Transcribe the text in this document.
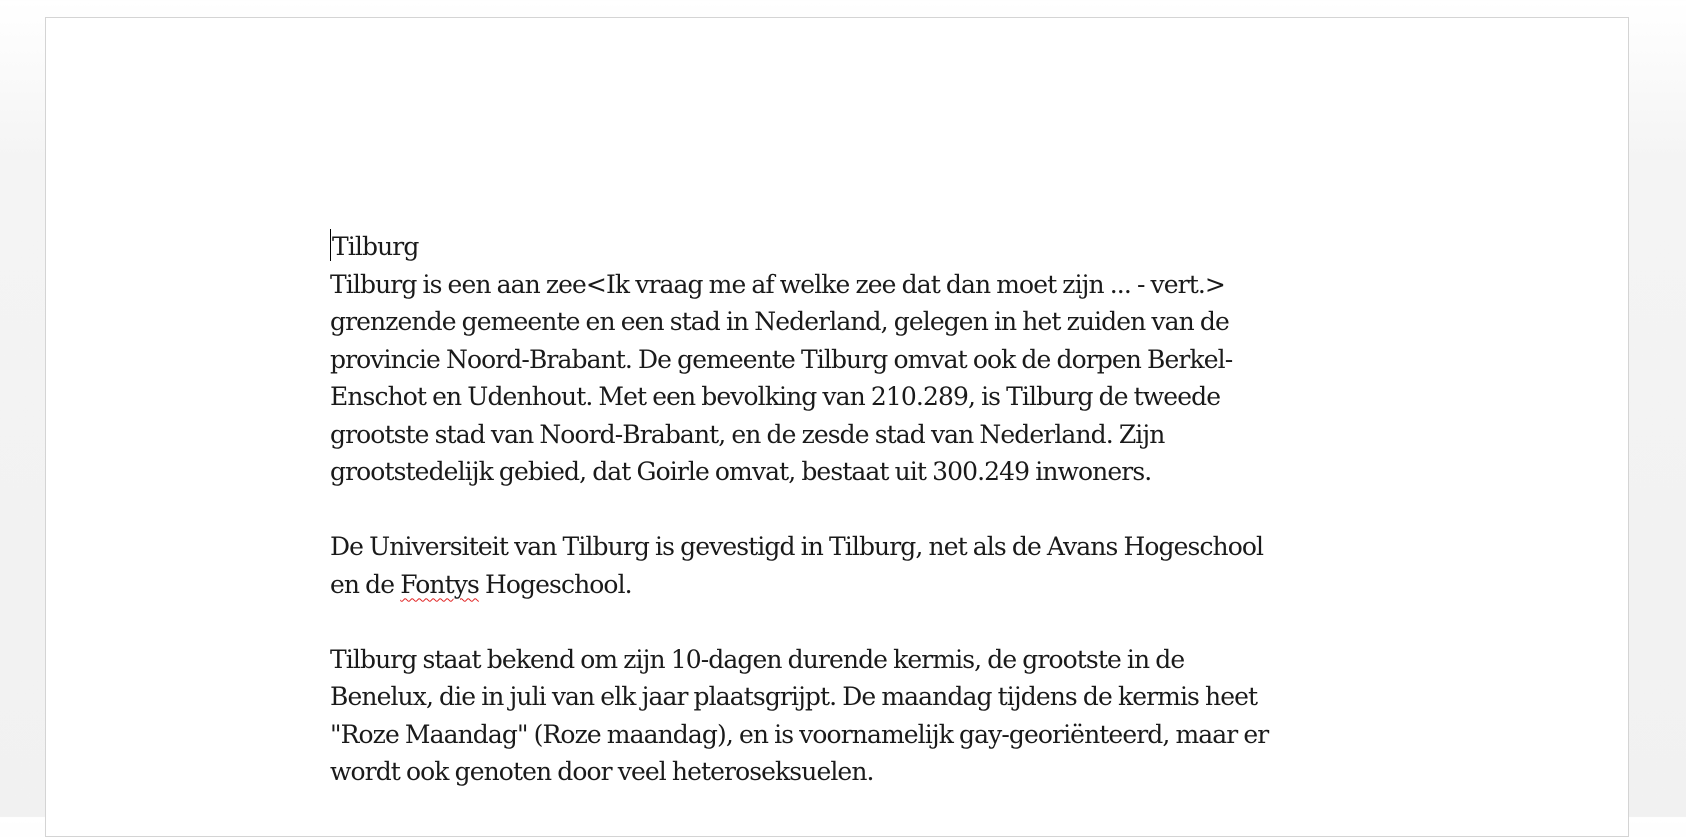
Tilburg
Tilburg is een aan zee<Ik vraag me af welke zee dat dan moet zijn ... - vert.>
grenzende gemeente en een stad in Nederland, gelegen in het zuiden van de
provincie Noord-Brabant. De gemeente Tilburg omvat ook de dorpen Berkel-
Enschot en Udenhout. Met een bevolking van 210.289, is Tilburg de tweede
grootste stad van Noord-Brabant, en de zesde stad van Nederland. Zijn
grootstedelijk gebied, dat Goirle omvat, bestaat uit 300.249 inwoners.
De Universiteit van Tilburg is gevestigd in Tilburg, net als de Avans Hogeschool
en de Fontys Hogeschool.
Tilburg staat bekend om zijn 10-dagen durende kermis, de grootste in de
Benelux, die in juli van elk jaar plaatsgrijpt. De maandag tijdens de kermis heet
"Roze Maandag" (Roze maandag), en is voornamelijk gay-georiënteerd, maar er
wordt ook genoten door veel heteroseksuelen.
